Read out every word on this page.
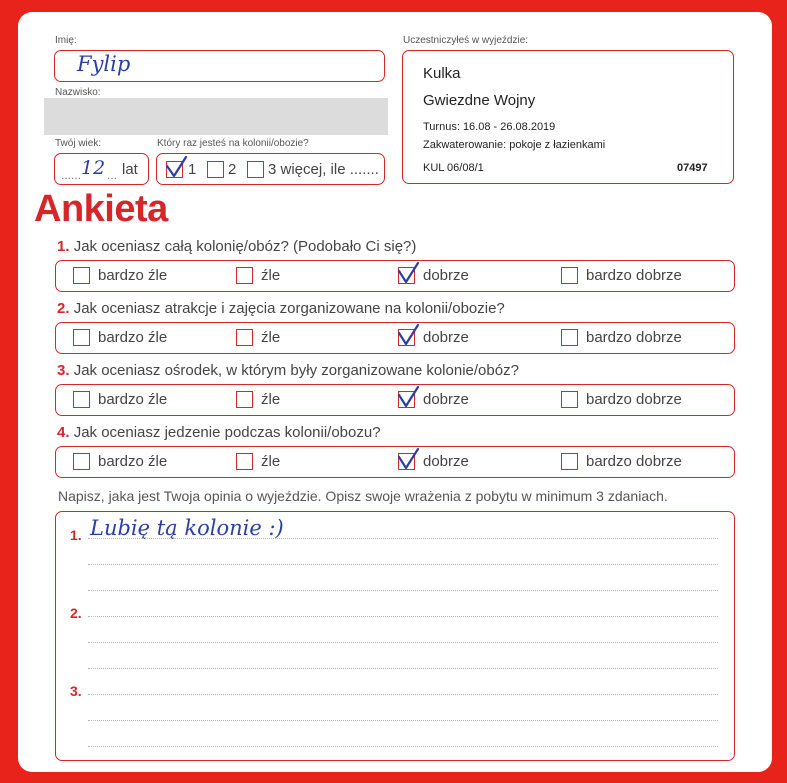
Imię:
Fylip
Nazwisko:
Twój wiek:
...... 12 ... lat
Który raz jesteś na kolonii/obozie?
1 2 3 więcej, ile .......
Uczestniczyłeś w wyjeździe:
Kulka
Gwiezdne Wojny
Turnus: 16.08 - 26.08.2019
Zakwaterowanie: pokoje z łazienkami
KUL 06/08/1	07497
Ankieta
1. Jak oceniasz całą kolonię/obóz? (Podobało Ci się?)
bardzo źle	źle	dobrze	bardzo dobrze
2. Jak oceniasz atrakcje i zajęcia zorganizowane na kolonii/obozie?
bardzo źle	źle	dobrze	bardzo dobrze
3. Jak oceniasz ośrodek, w którym były zorganizowane kolonie/obóz?
bardzo źle	źle	dobrze	bardzo dobrze
4. Jak oceniasz jedzenie podczas kolonii/obozu?
bardzo źle	źle	dobrze	bardzo dobrze
Napisz, jaka jest Twoja opinia o wyjeździe. Opisz swoje wrażenia z pobytu w minimum 3 zdaniach.
1. Lubię tą kolonie :)
2.
3.
